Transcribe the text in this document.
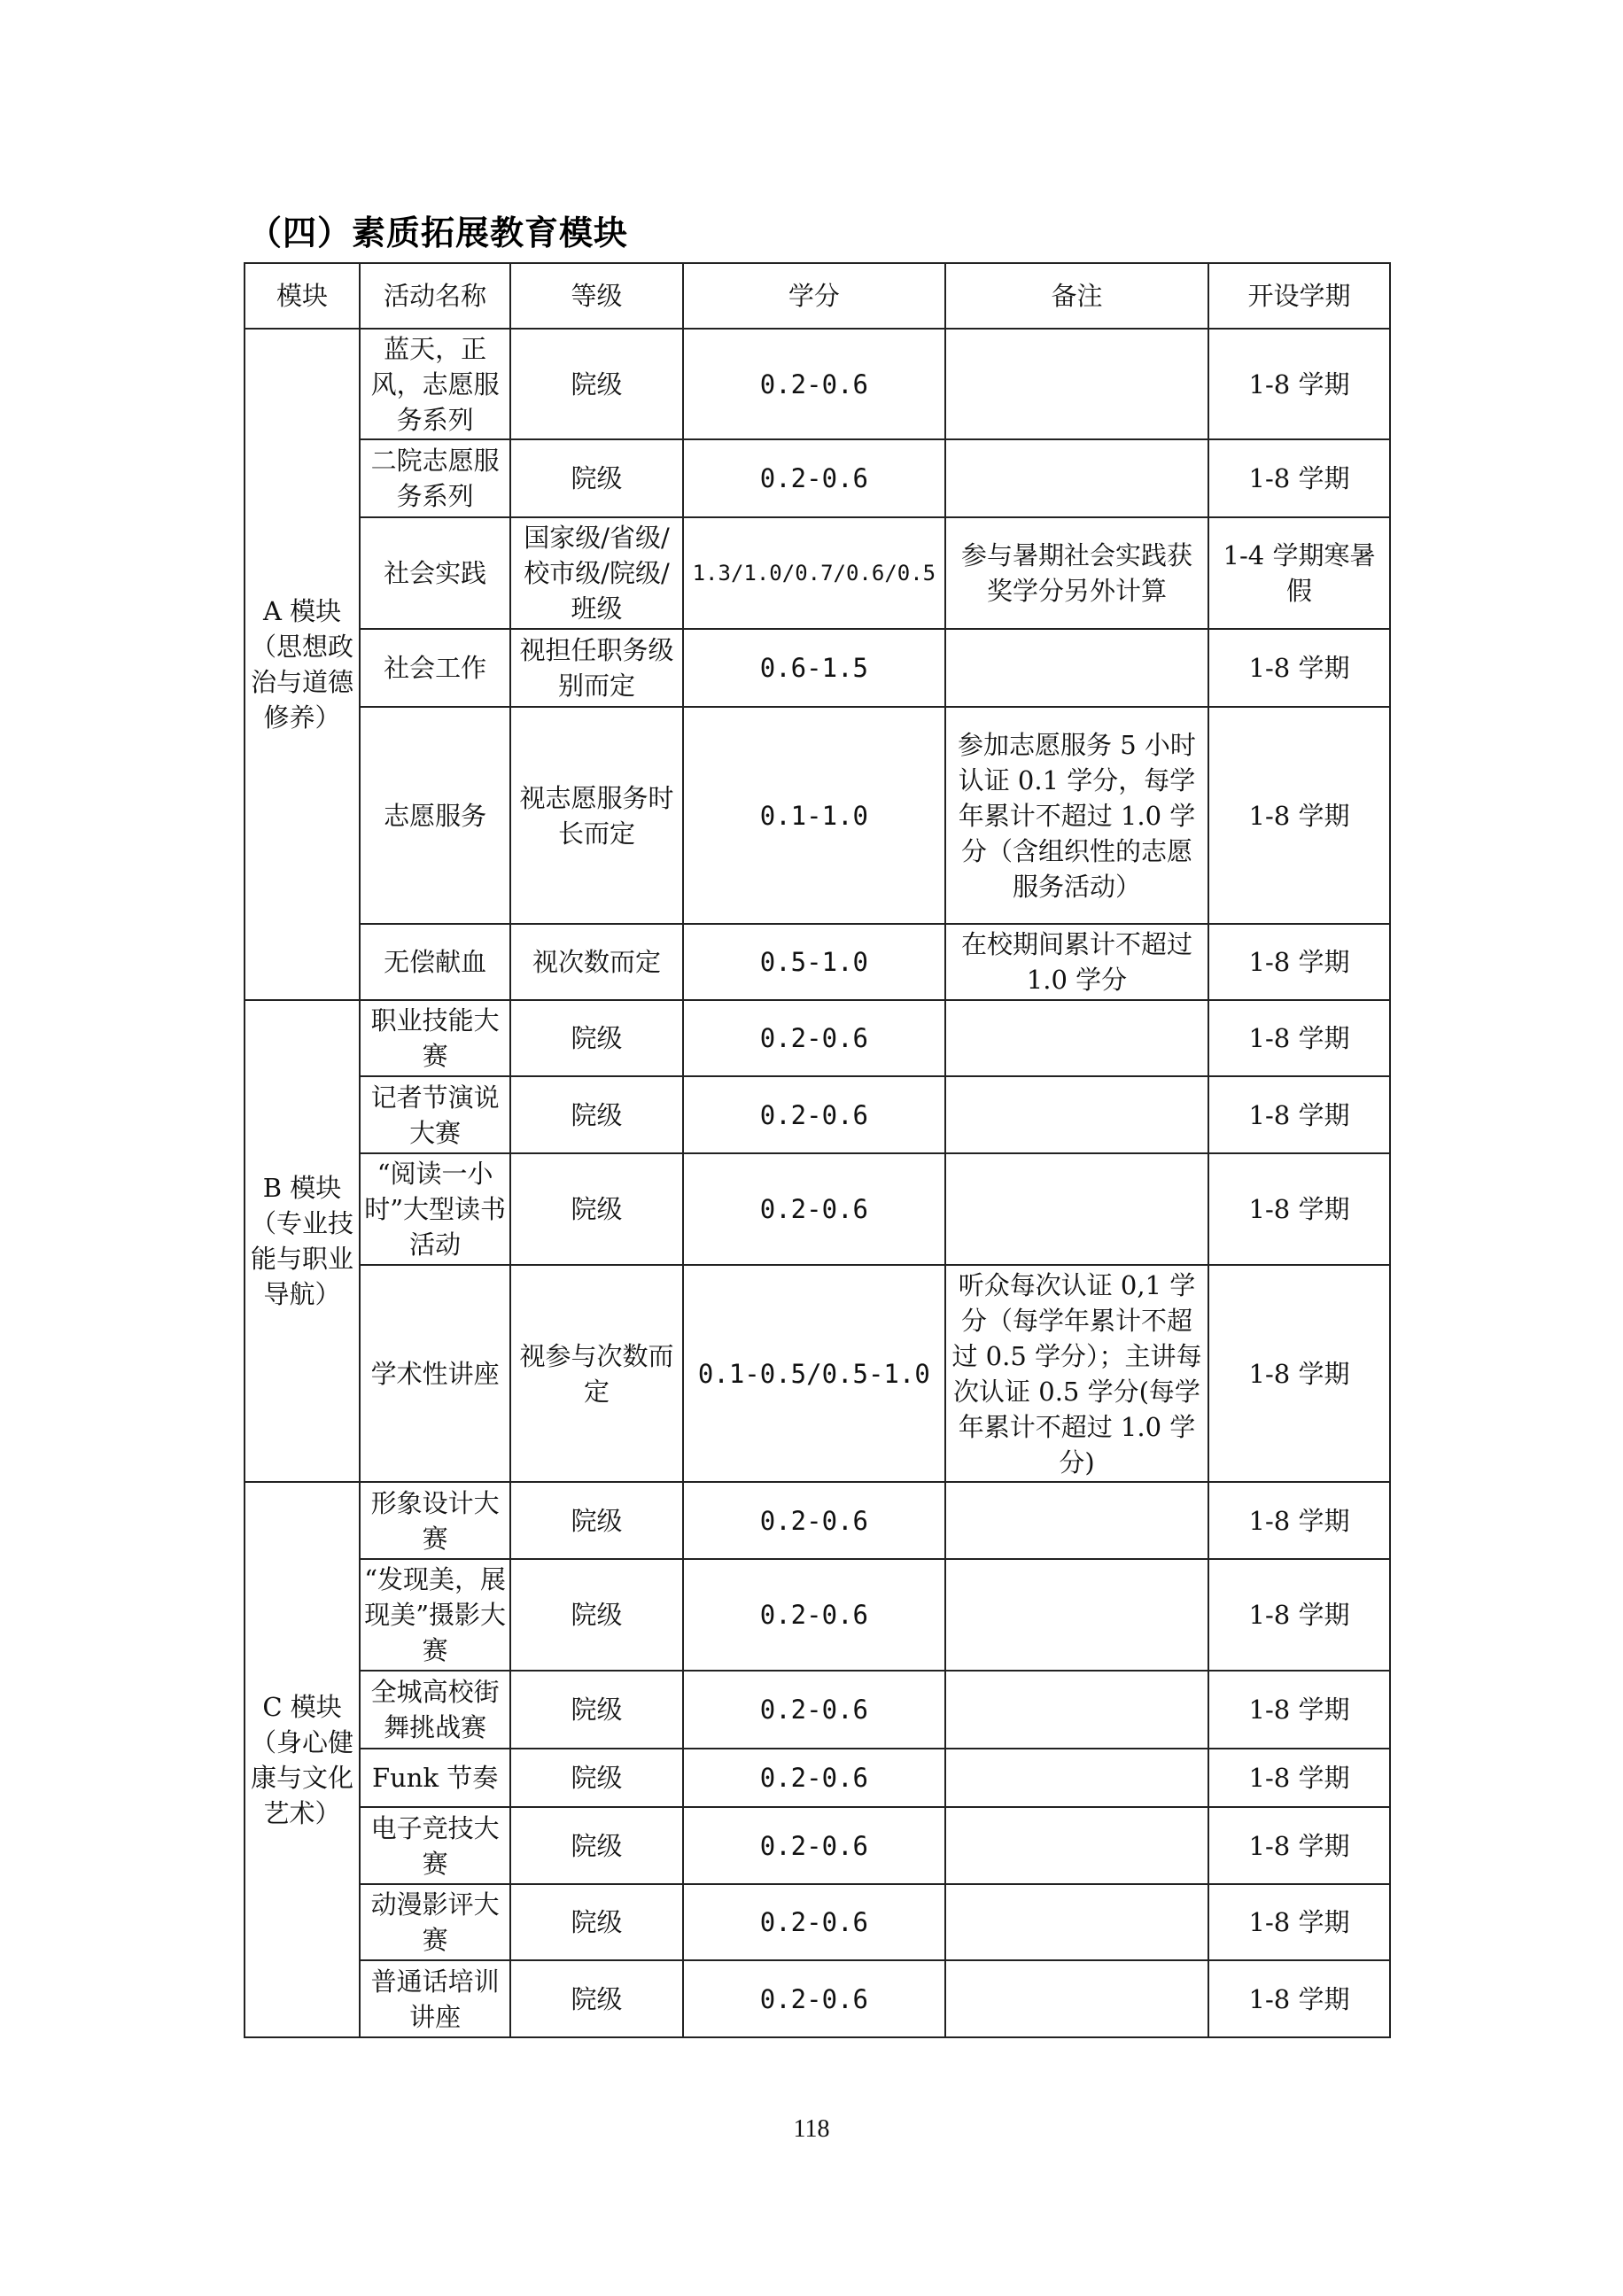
（四）素质拓展教育模块
模块	活动名称	等级	学分	备注	开设学期
A 模块（思想政治与道德修养）	蓝天，正风，志愿服务系列	院级	0.2-0.6		1-8 学期
	二院志愿服务系列	院级	0.2-0.6		1-8 学期
	社会实践	国家级/省级/校市级/院级/班级	1.3/1.0/0.7/0.6/0.5	参与暑期社会实践获奖学分另外计算	1-4 学期寒暑假
	社会工作	视担任职务级别而定	0.6-1.5		1-8 学期
	志愿服务	视志愿服务时长而定	0.1-1.0	参加志愿服务 5 小时认证 0.1 学分，每学年累计不超过 1.0 学分（含组织性的志愿服务活动）	1-8 学期
	无偿献血	视次数而定	0.5-1.0	在校期间累计不超过 1.0 学分	1-8 学期
B 模块（专业技能与职业导航）	职业技能大赛	院级	0.2-0.6		1-8 学期
	记者节演说大赛	院级	0.2-0.6		1-8 学期
	“阅读一小时”大型读书活动	院级	0.2-0.6		1-8 学期
	学术性讲座	视参与次数而定	0.1-0.5/0.5-1.0	听众每次认证 0,1 学分（每学年累计不超过 0.5 学分）；主讲每次认证 0.5 学分(每学年累计不超过 1.0 学分)	1-8 学期
C 模块（身心健康与文化艺术）	形象设计大赛	院级	0.2-0.6		1-8 学期
	“发现美，展现美”摄影大赛	院级	0.2-0.6		1-8 学期
	全城高校街舞挑战赛	院级	0.2-0.6		1-8 学期
	Funk 节奏	院级	0.2-0.6		1-8 学期
	电子竞技大赛	院级	0.2-0.6		1-8 学期
	动漫影评大赛	院级	0.2-0.6		1-8 学期
	普通话培训讲座	院级	0.2-0.6		1-8 学期
118
